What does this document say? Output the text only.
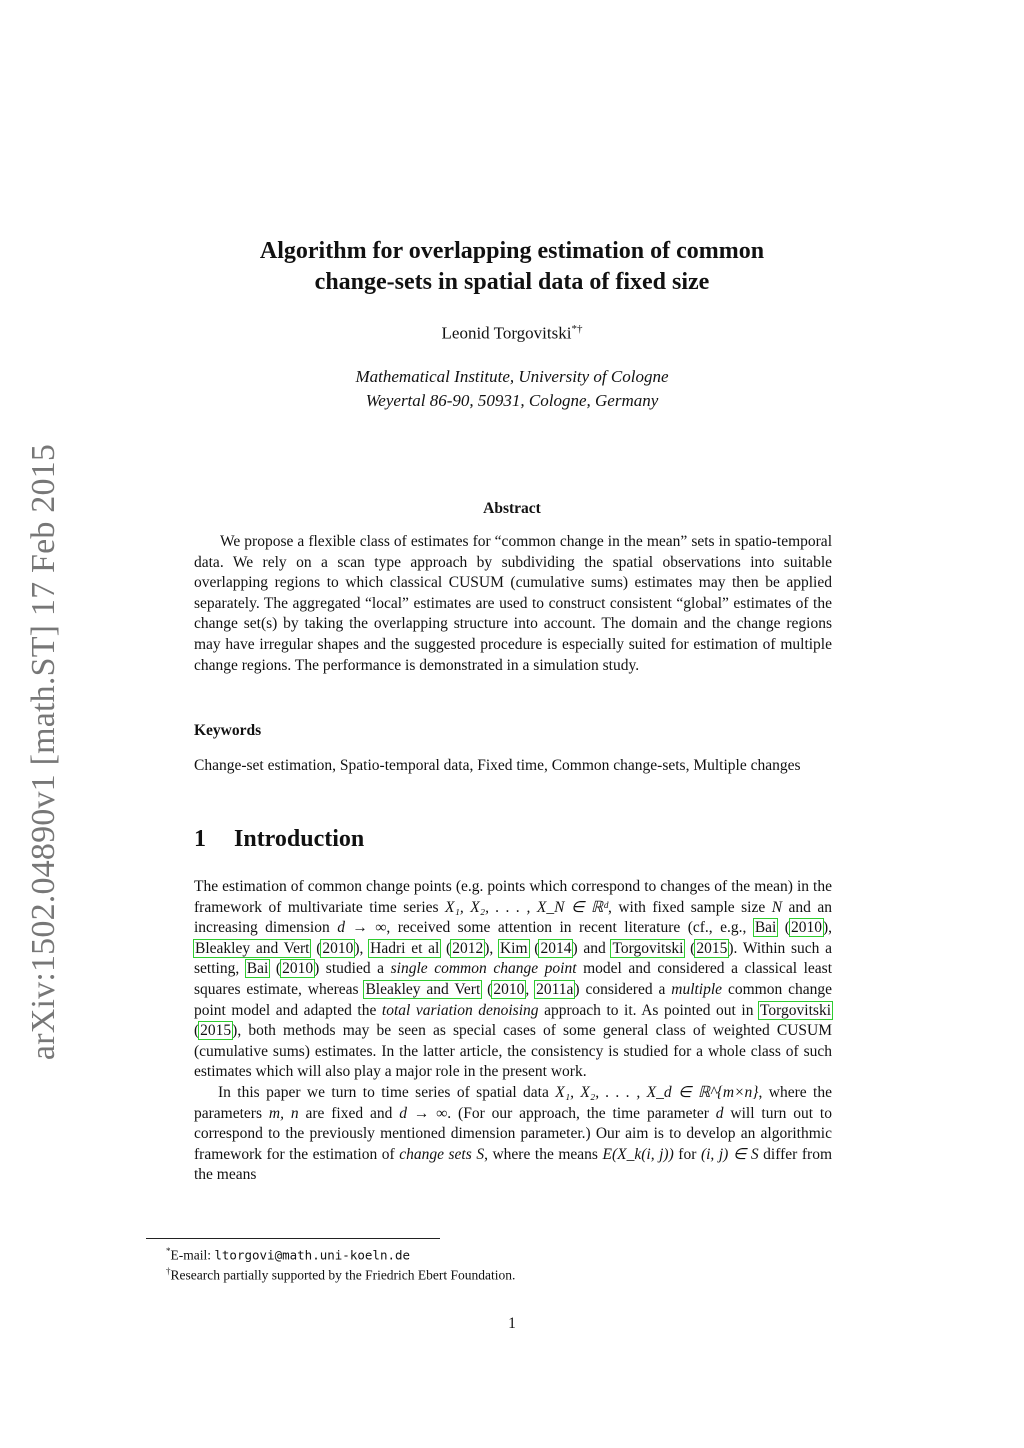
arXiv:1502.04890v1 [math.ST] 17 Feb 2015
Algorithm for overlapping estimation of common
change-sets in spatial data of fixed size
Leonid Torgovitski*†
Mathematical Institute, University of Cologne
Weyertal 86-90, 50931, Cologne, Germany
Abstract
We propose a flexible class of estimates for “common change in the mean” sets in spatio-temporal data. We rely on a scan type approach by subdividing the spatial observations into suitable overlapping regions to which classical CUSUM (cumulative sums) estimates may then be applied separately. The aggregated “local” estimates are used to construct consistent “global” estimates of the change set(s) by taking the overlapping structure into account. The domain and the change regions may have irregular shapes and the suggested procedure is especially suited for estimation of multiple change regions. The performance is demonstrated in a simulation study.
Keywords
Change-set estimation, Spatio-temporal data, Fixed time, Common change-sets, Multiple changes
1 Introduction

The estimation of common change points (e.g. points which correspond to changes of the mean) in the framework of multivariate time series X₁, X₂, . . . , X_N ∈ ℝᵈ, with fixed sample size N and an increasing dimension d → ∞, received some attention in recent literature (cf., e.g., Bai (2010), Bleakley and Vert (2010), Hadri et al (2012), Kim (2014) and Torgovitski (2015). Within such a setting, Bai (2010) studied a single common change point model and considered a classical least squares estimate, whereas Bleakley and Vert (2010, 2011a) considered a multiple common change point model and adapted the total variation denoising approach to it. As pointed out in Torgovitski (2015), both methods may be seen as special cases of some general class of weighted CUSUM (cumulative sums) estimates. In the latter article, the consistency is studied for a whole class of such estimates which will also play a major role in the present work.

In this paper we turn to time series of spatial data X₁, X₂, . . . , X_d ∈ ℝ^{m×n}, where the parameters m, n are fixed and d → ∞. (For our approach, the time parameter d will turn out to correspond to the previously mentioned dimension parameter.) Our aim is to develop an algorithmic framework for the estimation of change sets S, where the means E(X_k(i, j)) for (i, j) ∈ S differ from the means

*E-mail: ltorgovi@math.uni-koeln.de
†Research partially supported by the Friedrich Ebert Foundation.
1
